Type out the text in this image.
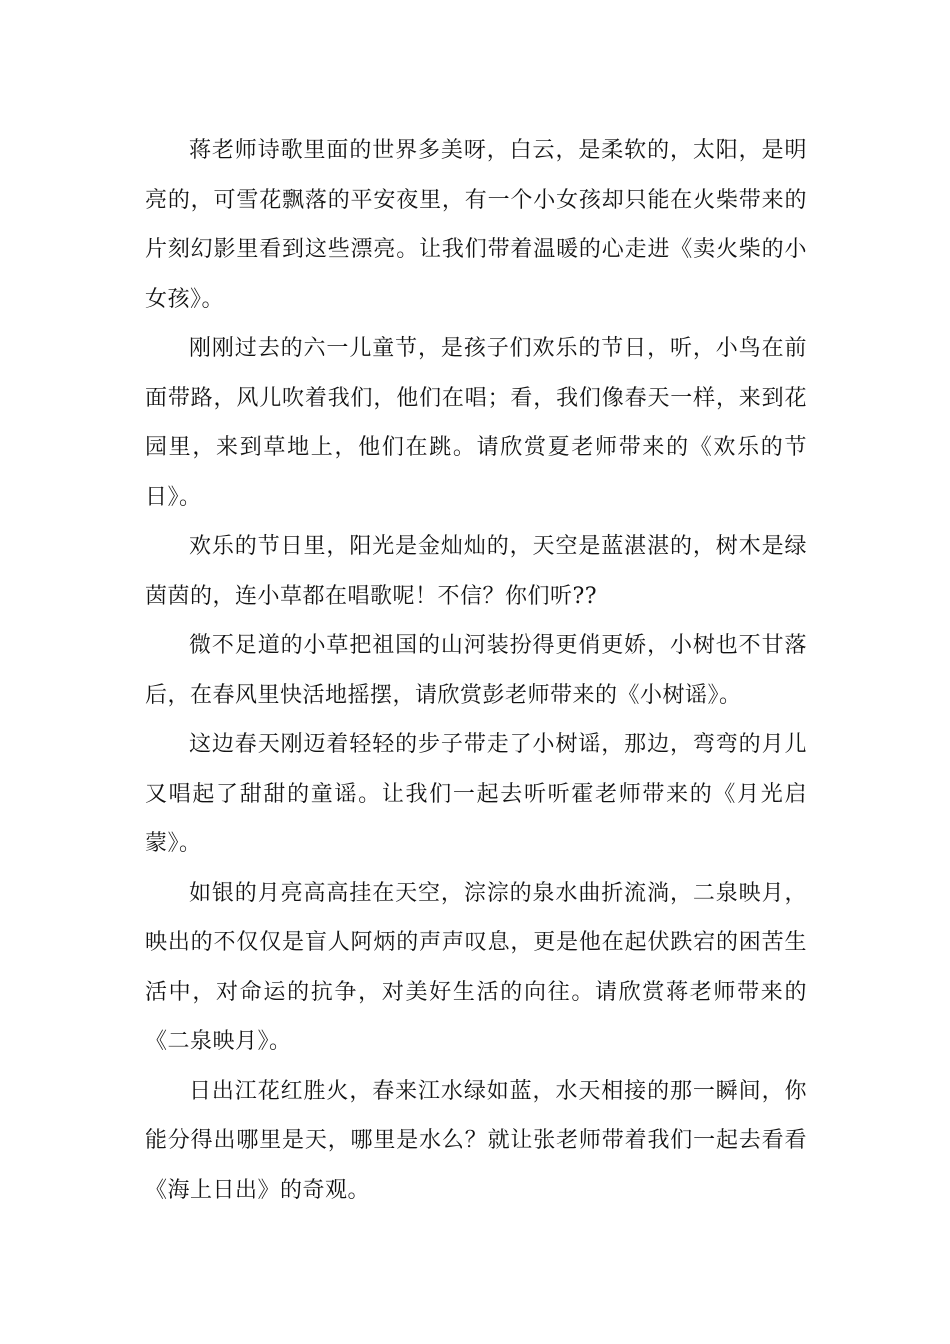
蒋老师诗歌里面的世界多美呀，白云，是柔软的，太阳，是明亮的，可雪花飘落的平安夜里，有一个小女孩却只能在火柴带来的片刻幻影里看到这些漂亮。让我们带着温暖的心走进《卖火柴的小女孩》。

刚刚过去的六一儿童节，是孩子们欢乐的节日，听，小鸟在前面带路，风儿吹着我们，他们在唱；看，我们像春天一样，来到花园里，来到草地上，他们在跳。请欣赏夏老师带来的《欢乐的节日》。

欢乐的节日里，阳光是金灿灿的，天空是蓝湛湛的，树木是绿茵茵的，连小草都在唱歌呢！不信？你们听??

微不足道的小草把祖国的山河装扮得更俏更娇，小树也不甘落后，在春风里快活地摇摆，请欣赏彭老师带来的《小树谣》。

这边春天刚迈着轻轻的步子带走了小树谣，那边，弯弯的月儿又唱起了甜甜的童谣。让我们一起去听听霍老师带来的《月光启蒙》。

如银的月亮高高挂在天空，淙淙的泉水曲折流淌，二泉映月，映出的不仅仅是盲人阿炳的声声叹息，更是他在起伏跌宕的困苦生活中，对命运的抗争，对美好生活的向往。请欣赏蒋老师带来的《二泉映月》。

日出江花红胜火，春来江水绿如蓝，水天相接的那一瞬间，你能分得出哪里是天，哪里是水么？就让张老师带着我们一起去看看《海上日出》的奇观。
